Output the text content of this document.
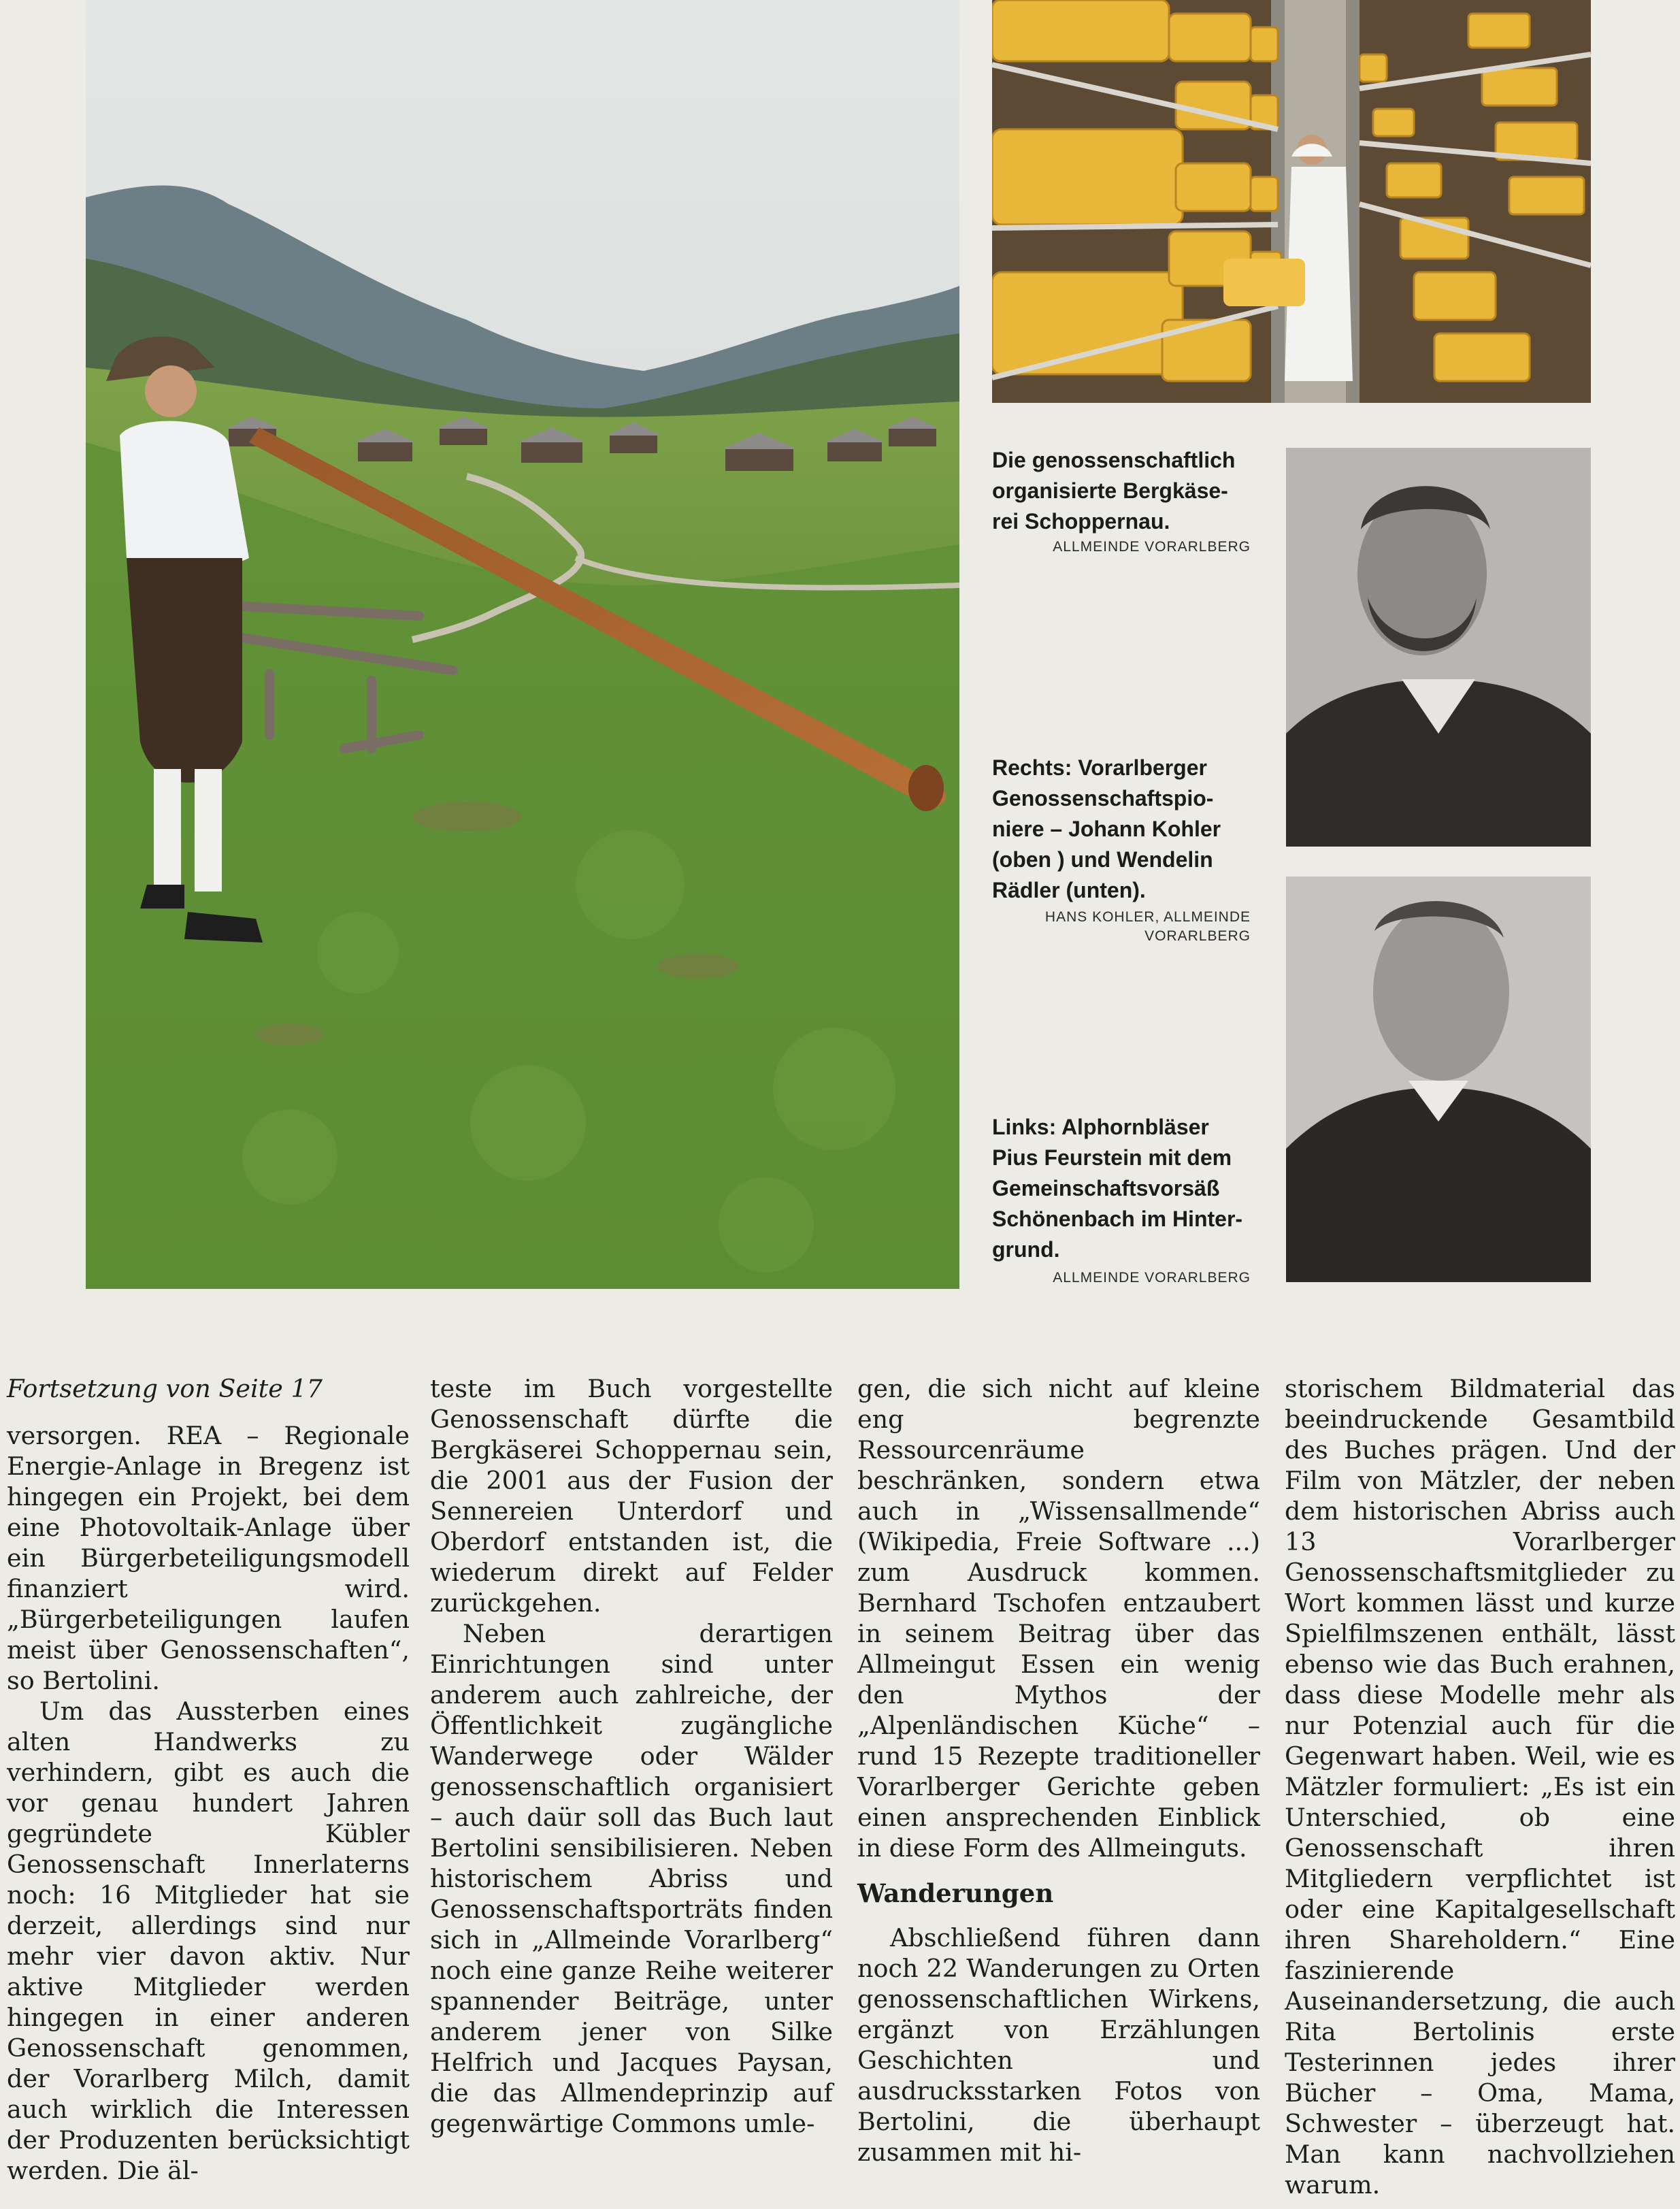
Die genossenschaftlich
organisierte Bergkäse-
rei Schoppernau.
ALLMEINDE VORARLBERG
Rechts: Vorarlberger
Genossenschaftspio-
niere – Johann Kohler
(oben ) und Wendelin
Rädler (unten).
HANS KOHLER, ALLMEINDE
VORARLBERG
Links: Alphornbläser
Pius Feurstein mit dem
Gemeinschaftsvorsäß
Schönenbach im Hinter-
grund.
ALLMEINDE VORARLBERG

Fortsetzung von Seite 17

versorgen. REA – Regionale Energie-Anlage in Bregenz ist hingegen ein Projekt, bei dem eine Photovoltaik-Anlage über ein Bürgerbeteiligungsmodell finanziert wird. „Bürgerbeteiligungen laufen meist über Genossenschaften“, so Bertolini.

Um das Aussterben eines alten Handwerks zu verhindern, gibt es auch die vor genau hundert Jahren gegründete Kübler Genossenschaft Innerlaterns noch: 16 Mitglieder hat sie derzeit, allerdings sind nur mehr vier davon aktiv. Nur aktive Mitglieder werden hingegen in einer anderen Genossenschaft genommen, der Vorarlberg Milch, damit auch wirklich die Interessen der Produzenten berücksichtigt werden. Die äl-

teste im Buch vorgestellte Genossenschaft dürfte die Bergkäserei Schoppernau sein, die 2001 aus der Fusion der Sennereien Unterdorf und Oberdorf entstanden ist, die wiederum direkt auf Felder zurückgehen.

Neben derartigen Einrichtungen sind unter anderem auch zahlreiche, der Öffentlichkeit zugängliche Wanderwege oder Wälder genossenschaftlich organisiert – auch daür soll das Buch laut Bertolini sensibilisieren. Neben historischem Abriss und Genossenschaftsporträts finden sich in „Allmeinde Vorarlberg“ noch eine ganze Reihe weiterer spannender Beiträge, unter anderem jener von Silke Helfrich und Jacques Paysan, die das Allmendeprinzip auf gegenwärtige Commons umle-

gen, die sich nicht auf kleine eng begrenzte Ressourcenräume beschränken, sondern etwa auch in „Wissensallmende“ (Wikipedia, Freie Software ...) zum Ausdruck kommen. Bernhard Tschofen entzaubert in seinem Beitrag über das Allmeingut Essen ein wenig den Mythos der „Alpenländischen Küche“ – rund 15 Rezepte traditioneller Vorarlberger Gerichte geben einen ansprechenden Einblick in diese Form des Allmeinguts.

Wanderungen

Abschließend führen dann noch 22 Wanderungen zu Orten genossenschaftlichen Wirkens, ergänzt von Erzählungen Geschichten und ausdrucksstarken Fotos von Bertolini, die überhaupt zusammen mit hi-

storischem Bildmaterial das beeindruckende Gesamtbild des Buches prägen. Und der Film von Mätzler, der neben dem historischen Abriss auch 13 Vorarlberger Genossenschaftsmitglieder zu Wort kommen lässt und kurze Spielfilmszenen enthält, lässt ebenso wie das Buch erahnen, dass diese Modelle mehr als nur Potenzial auch für die Gegenwart haben. Weil, wie es Mätzler formuliert: „Es ist ein Unterschied, ob eine Genossenschaft ihren Mitgliedern verpflichtet ist oder eine Kapitalgesellschaft ihren Shareholdern.“ Eine faszinierende Auseinandersetzung, die auch Rita Bertolinis erste Testerinnen jedes ihrer Bücher – Oma, Mama, Schwester – überzeugt hat. Man kann nachvollziehen warum.
